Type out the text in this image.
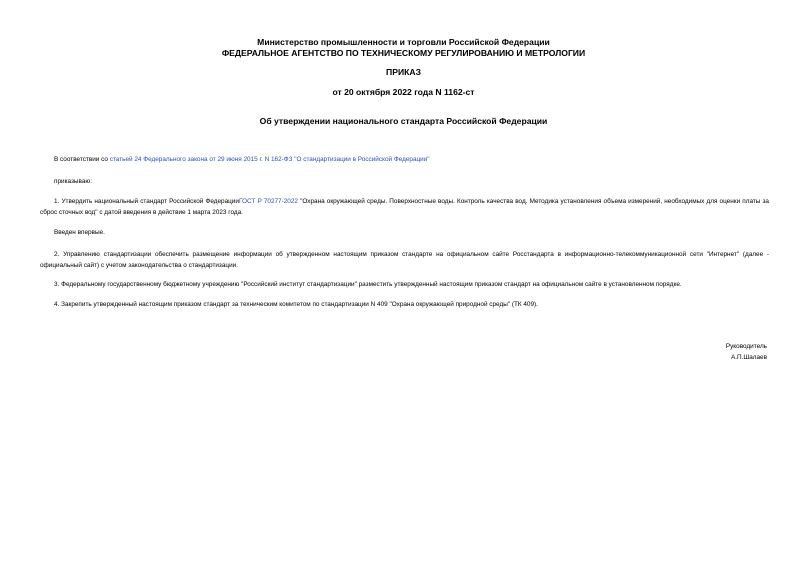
Министерство промышленности и торговли Российской Федерации
ФЕДЕРАЛЬНОЕ АГЕНТСТВО ПО ТЕХНИЧЕСКОМУ РЕГУЛИРОВАНИЮ И МЕТРОЛОГИИ
ПРИКАЗ
от 20 октября 2022 года N 1162-ст
Об утверждении национального стандарта Российской Федерации
В соответствии со статьей 24 Федерального закона от 29 июня 2015 г. N 162-ФЗ "О стандартизации в Российской Федерации"
приказываю:
1. Утвердить национальный стандарт Российской ФедерацииГОСТ Р 70277-2022 "Охрана окружающей среды. Поверхностные воды. Контроль качества вод. Методика установления объема измерений, необходимых для оценки платы за сброс сточных вод" с датой введения в действие 1 марта 2023 года.
Введен впервые.
2. Управлению стандартизации обеспечить размещение информации об утвержденном настоящим приказом стандарте на официальном сайте Росстандарта в информационно-телекоммуникационной сети "Интернет" (далее - официальный сайт) с учетом законодательства о стандартизации.
3. Федеральному государственному бюджетному учреждению "Российский институт стандартизации" разместить утвержденный настоящим приказом стандарт на официальном сайте в установленном порядке.
4. Закрепить утвержденный настоящим приказом стандарт за техническим комитетом по стандартизации N 409 "Охрана окружающей природной среды" (ТК 409).
Руководитель
А.П.Шалаев
